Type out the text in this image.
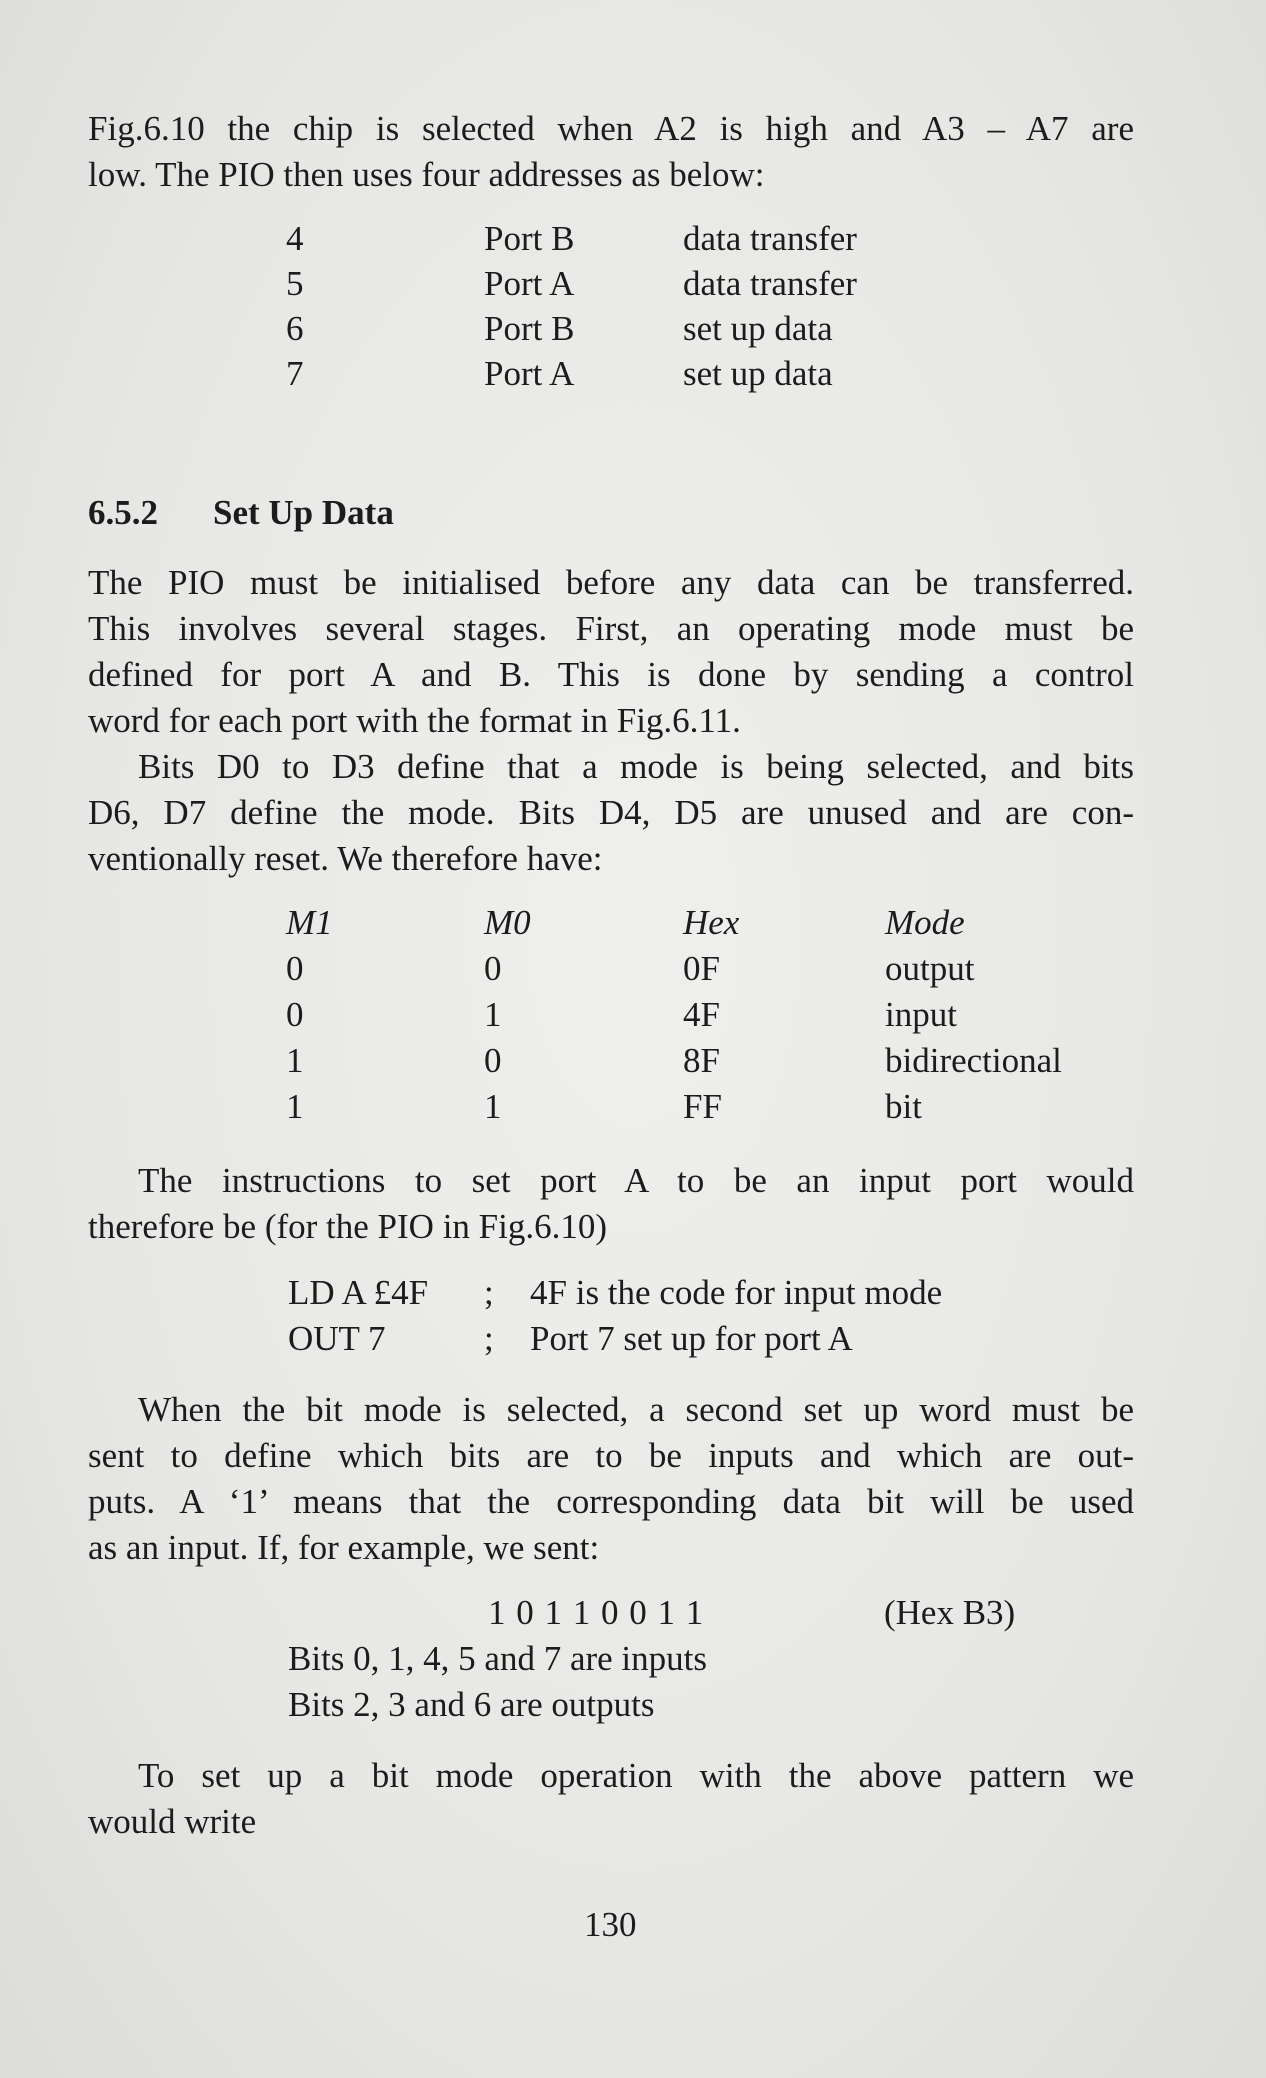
Fig.6.10 the chip is selected when A2 is high and A3 – A7 are
low. The PIO then uses four addresses as below:
4	Port B	data transfer
5	Port A	data transfer
6	Port B	set up data
7	Port A	set up data
6.5.2 Set Up Data
The PIO must be initialised before any data can be transferred.
This involves several stages. First, an operating mode must be
defined for port A and B. This is done by sending a control
word for each port with the format in Fig.6.11.
Bits D0 to D3 define that a mode is being selected, and bits
D6, D7 define the mode. Bits D4, D5 are unused and are con-
ventionally reset. We therefore have:
M1	M0	Hex	Mode
0	0	0F	output
0	1	4F	input
1	0	8F	bidirectional
1	1	FF	bit
The instructions to set port A to be an input port would
therefore be (for the PIO in Fig.6.10)
LD A £4F ; 4F is the code for input mode
OUT 7	; Port 7 set up for port A
When the bit mode is selected, a second set up word must be
sent to define which bits are to be inputs and which are out-
puts. A ‘1’ means that the corresponding data bit will be used
as an input. If, for example, we sent:
1 0 1 1 0 0 1 1	(Hex B3)
Bits 0, 1, 4, 5 and 7 are inputs
Bits 2, 3 and 6 are outputs
To set up a bit mode operation with the above pattern we
would write
130
